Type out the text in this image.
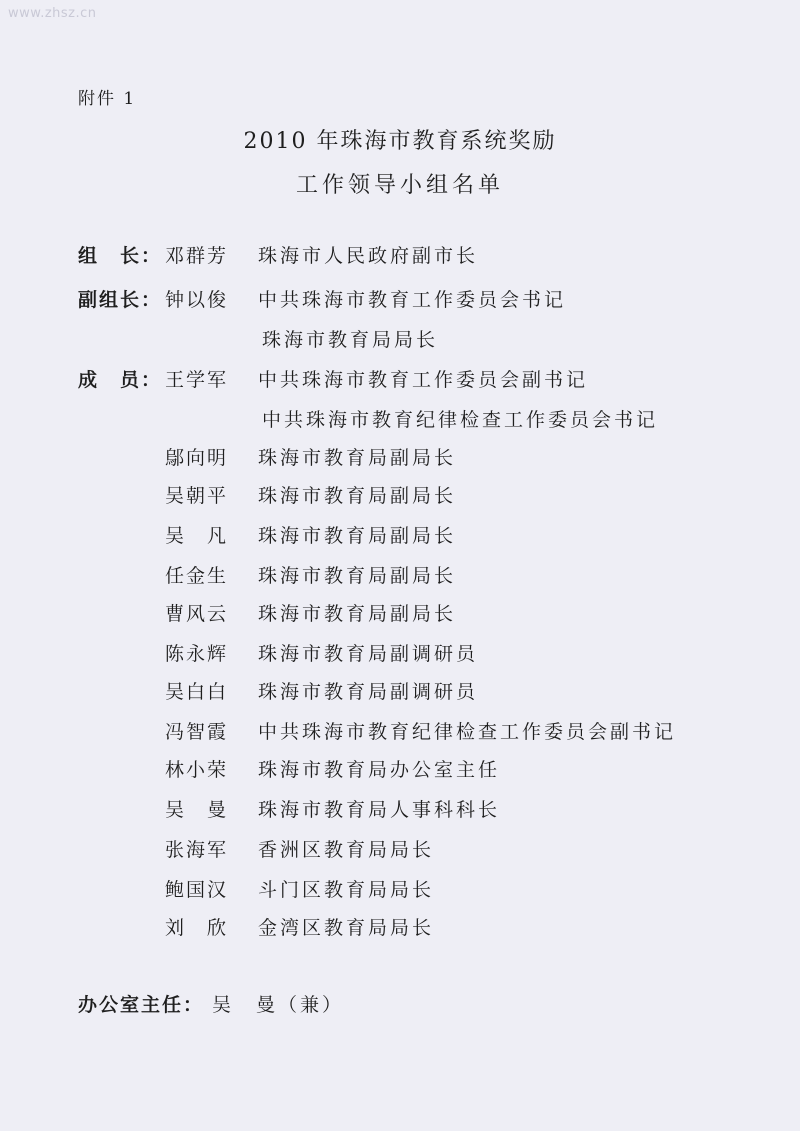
www.zhsz.cn
附件 1
2010 年珠海市教育系统奖励
工作领导小组名单
组　长： 邓群芳 珠海市人民政府副市长
副组长： 钟以俊 中共珠海市教育工作委员会书记
珠海市教育局局长
成　员： 王学军 中共珠海市教育工作委员会副书记
中共珠海市教育纪律检查工作委员会书记
鄔向明 珠海市教育局副局长
吴朝平 珠海市教育局副局长
吴　凡 珠海市教育局副局长
任金生 珠海市教育局副局长
曹风云 珠海市教育局副局长
陈永辉 珠海市教育局副调研员
吴白白 珠海市教育局副调研员
冯智霞 中共珠海市教育纪律检查工作委员会副书记
林小荣 珠海市教育局办公室主任
吴　曼 珠海市教育局人事科科长
张海军 香洲区教育局局长
鲍国汉 斗门区教育局局长
刘　欣 金湾区教育局局长
办公室主任： 吴　曼（兼）
